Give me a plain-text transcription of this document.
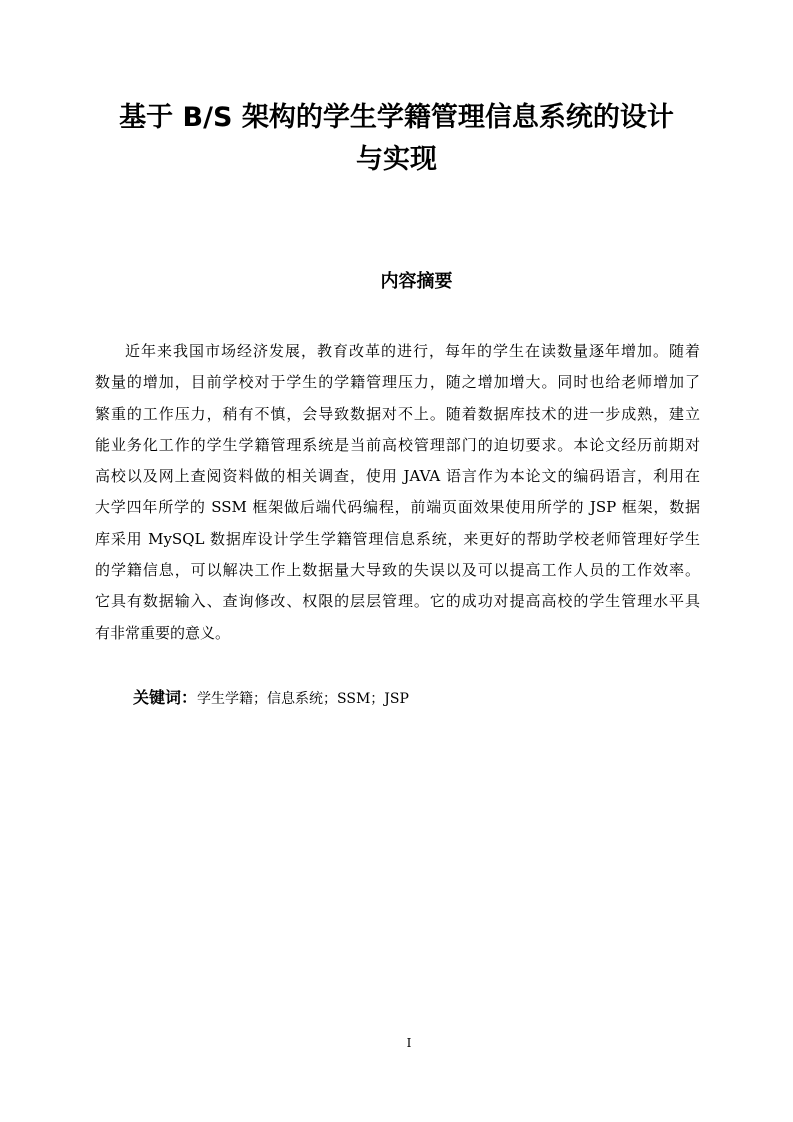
基于 B/S 架构的学生学籍管理信息系统的设计
与实现
内容摘要
近年来我国市场经济发展，教育改革的进行，每年的学生在读数量逐年增加。随着
数量的增加，目前学校对于学生的学籍管理压力，随之增加增大。同时也给老师增加了
繁重的工作压力，稍有不慎，会导致数据对不上。随着数据库技术的进一步成熟，建立
能业务化工作的学生学籍管理系统是当前高校管理部门的迫切要求。本论文经历前期对
高校以及网上查阅资料做的相关调查，使用 JAVA 语言作为本论文的编码语言，利用在
大学四年所学的 SSM 框架做后端代码编程，前端页面效果使用所学的 JSP 框架，数据
库采用 MySQL 数据库设计学生学籍管理信息系统，来更好的帮助学校老师管理好学生
的学籍信息，可以解决工作上数据量大导致的失误以及可以提高工作人员的工作效率。
它具有数据输入、查询修改、权限的层层管理。它的成功对提高高校的学生管理水平具
有非常重要的意义。

关键词：学生学籍；信息系统；SSM；JSP

I
